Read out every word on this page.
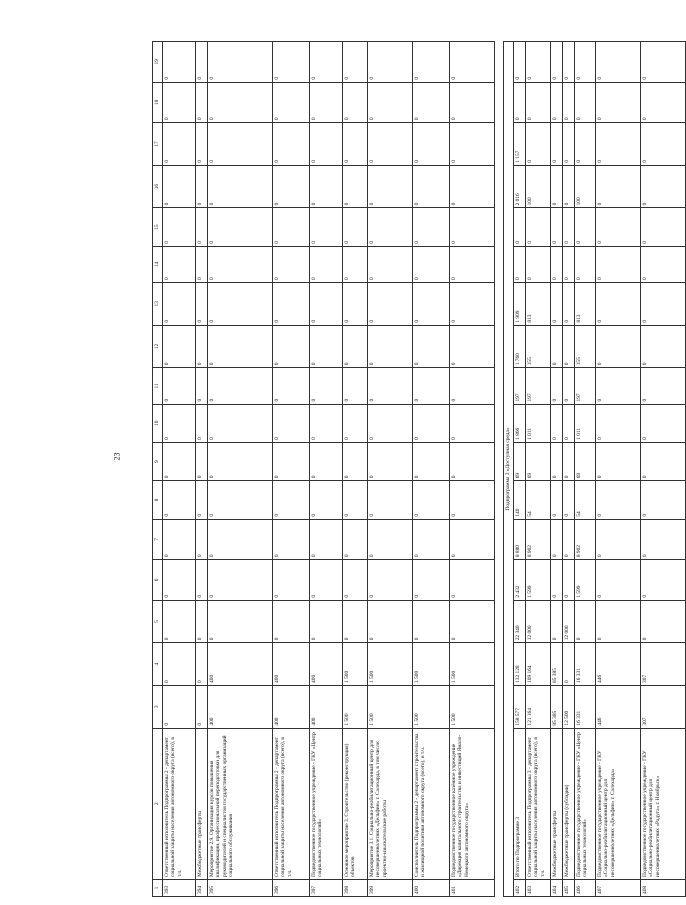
23
1	2	3	4	5	6	7	8	9	10	11	12	13	14	15	16	17	18	19
393	Ответственный исполнитель Подпрограммы 2 - департамент социальной защиты населения автономного округа (всего), в т.ч.	0	0	0	0	0	0	0	0	0	0	0	0	0	0	0	0	0
394	Межбюджетные трансферты	0	0	0	0	0	0	0	0	0	0	0	0	0	0	0	0	0
395	Мероприятие 2.9. Организация курсов повышения квалификации, профессиональной переподготовки для руководителей и специалистов государственных организаций социального обслуживания	400	400	0	0	0	0	0	0	0	0	0	0	0	0	0	0	0
396	Ответственный исполнитель Подпрограммы 2 - департамент социальной защиты населения автономного округа (всего), в т.ч.	400	400	0	0	0	0	0	0	0	0	0	0	0	0	0	0	0
397	Подведомственное государственное учреждение - ГКУ «Центр социальных технологий»	400	400	0	0	0	0	0	0	0	0	0	0	0	0	0	0	0
398	Основное мероприятие 3. Строительство (реконструкция) объектов	1 500	1 500	0	0	0	0	0	0	0	0	0	0	0	0	0	0	0
399	Мероприятие 3.1. Социально-реабилитационный центр для несовершеннолетних «Дельфин» г. Салехарда, в том числе: проектно-изыскательские работы	1 500	1 500	0	0	0	0	0	0	0	0	0	0	0	0	0	0	0
400	Соисполнитель Подпрограммы 2 - департамент строительства и жилищной политики автономного округа (всего), в т.ч.	1 500	1 500	0	0	0	0	0	0	0	0	0	0	0	0	0	0	0
401	Подведомственное государственное казённое учреждение «Дирекция капитального строительства и инвестиций Ямало-Ненецкого автономного округа»	1 500	1 500	0	0	0	0	0	0	0	0	0	0	0	0	0	0	0

Подпрограмма 3 «Доступная среда»																		
402	Итого по Подпрограмме 3	158 577	132 128	22 340	2 432	8 880	140	69	1 866	197	1 760	1 909	0	0	2 016	1 157	0	0
403	Ответственный исполнитель Подпрограммы 3 - департамент социальной защиты населения автономного округа (всего), в т.ч.	121 164	109 164	12 000	1 599	8 902	54	69	1 011	197	155	813	0	0	100	0	0	0
404	Межбюджетные трансферты	85 385	85 385	0	0	0	0	0	0	0	0	0	0	0	0	0	0	0
405	Межбюджетные трансферты (субсидии)	12 500	0	12 000	0	0	0	0	0	0	0	0	0	0	0	0	0	0
406	Подведомственное государственное учреждение - ГКУ «Центр социальных технологий»	16 331	16 331	0	1 599	8 902	54	69	1 011	197	155	813	0	0	100	0	0	0
407	Подведомственное государственное учреждение - ГКУ «Социально-реабилитационный центр для несовершеннолетних «Дельфин» г. Салехарда»	446	446	0	0	0	0	0	0	0	0	0	0	0	0	0	0	0
408	Подведомственное государственное учреждение - ГКУ «Социально-реабилитационный центр для несовершеннолетних «Радуга» г. Ноябрьск»	307	307	0	0	0	0	0	0	0	0	0	0	0	0	0	0	0
